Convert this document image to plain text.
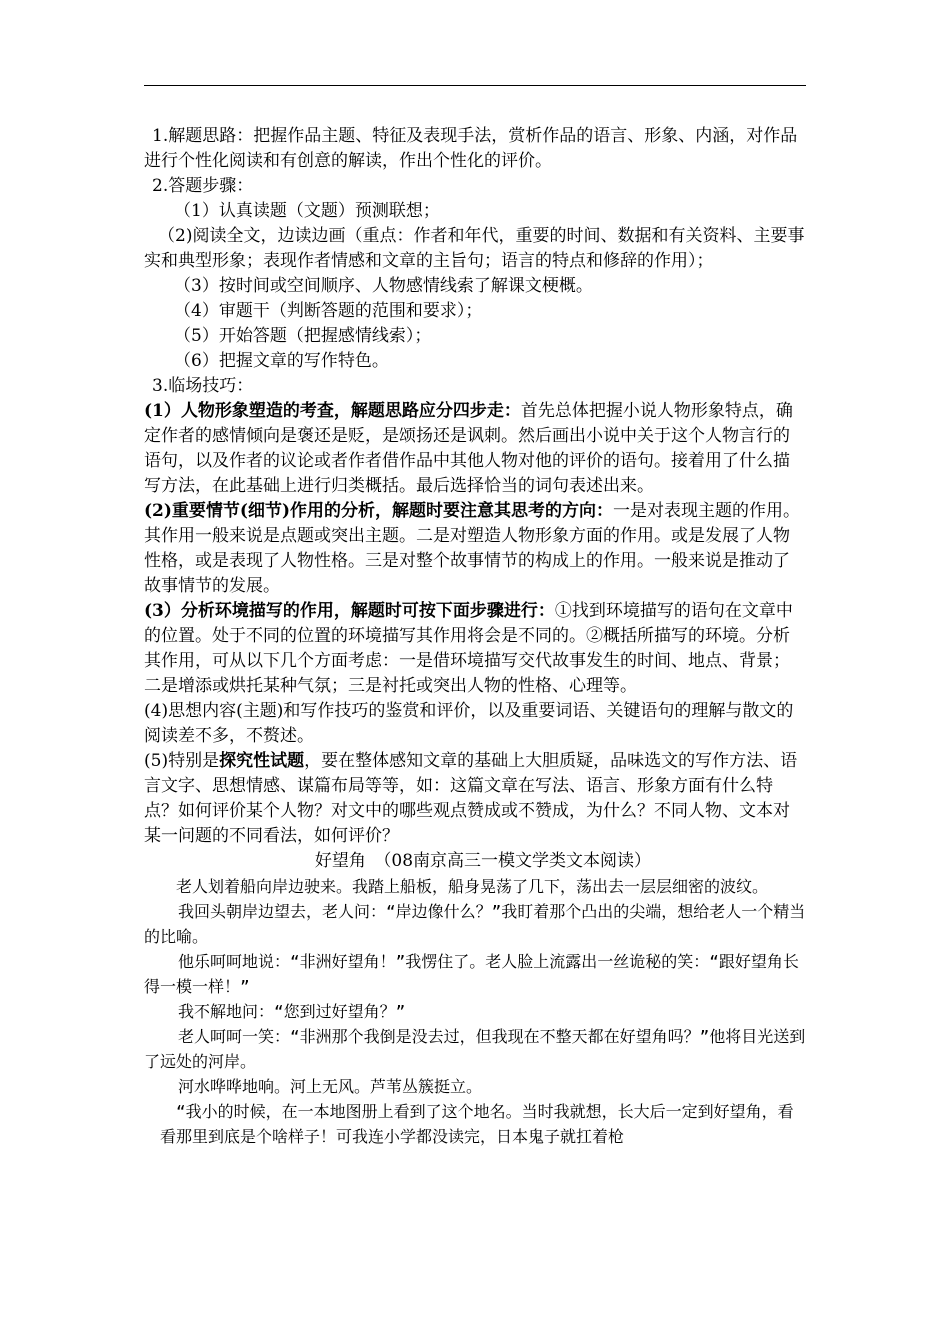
1.解题思路：把握作品主题、特征及表现手法，赏析作品的语言、形象、内涵，对作品进行个性化阅读和有创意的解读，作出个性化的评价。

2.答题步骤：

（1）认真读题（文题）预测联想；

（2)阅读全文，边读边画（重点：作者和年代，重要的时间、数据和有关资料、主要事实和典型形象；表现作者情感和文章的主旨句；语言的特点和修辞的作用）；

（3）按时间或空间顺序、人物感情线索了解课文梗概。

（4）审题干（判断答题的范围和要求）；

（5）开始答题（把握感情线索）；

（6）把握文章的写作特色。

3.临场技巧：

(1）人物形象塑造的考查，解题思路应分四步走：首先总体把握小说人物形象特点，确定作者的感情倾向是褒还是贬，是颂扬还是讽刺。然后画出小说中关于这个人物言行的语句，以及作者的议论或者作者借作品中其他人物对他的评价的语句。接着用了什么描写方法，在此基础上进行归类概括。最后选择恰当的词句表述出来。

(2)重要情节(细节)作用的分析，解题时要注意其思考的方向：一是对表现主题的作用。其作用一般来说是点题或突出主题。二是对塑造人物形象方面的作用。或是发展了人物性格，或是表现了人物性格。三是对整个故事情节的构成上的作用。一般来说是推动了故事情节的发展。

(3）分析环境描写的作用，解题时可按下面步骤进行：①找到环境描写的语句在文章中的位置。处于不同的位置的环境描写其作用将会是不同的。②概括所描写的环境。分析其作用，可从以下几个方面考虑：一是借环境描写交代故事发生的时间、地点、背景；二是增添或烘托某种气氛；三是衬托或突出人物的性格、心理等。

(4)思想内容(主题)和写作技巧的鉴赏和评价，以及重要词语、关键语句的理解与散文的阅读差不多，不赘述。

(5)特别是探究性试题，要在整体感知文章的基础上大胆质疑，品味选文的写作方法、语言文字、思想情感、谋篇布局等等，如：这篇文章在写法、语言、形象方面有什么特点？如何评价某个人物？对文中的哪些观点赞成或不赞成，为什么？不同人物、文本对某一问题的不同看法，如何评价？

好望角　（08南京高三一模文学类文本阅读）

老人划着船向岸边驶来。我踏上船板，船身晃荡了几下，荡出去一层层细密的波纹。

我回头朝岸边望去，老人问：“岸边像什么？”我盯着那个凸出的尖端，想给老人一个精当的比喻。

他乐呵呵地说：“非洲好望角！”我愣住了。老人脸上流露出一丝诡秘的笑：“跟好望角长得一模一样！”

我不解地问：“您到过好望角？”

老人呵呵一笑：“非洲那个我倒是没去过，但我现在不整天都在好望角吗？”他将目光送到了远处的河岸。

河水哗哗地响。河上无风。芦苇丛簇挺立。

“我小的时候，在一本地图册上看到了这个地名。当时我就想，长大后一定到好望角，看看那里到底是个啥样子！可我连小学都没读完，日本鬼子就扛着枪
